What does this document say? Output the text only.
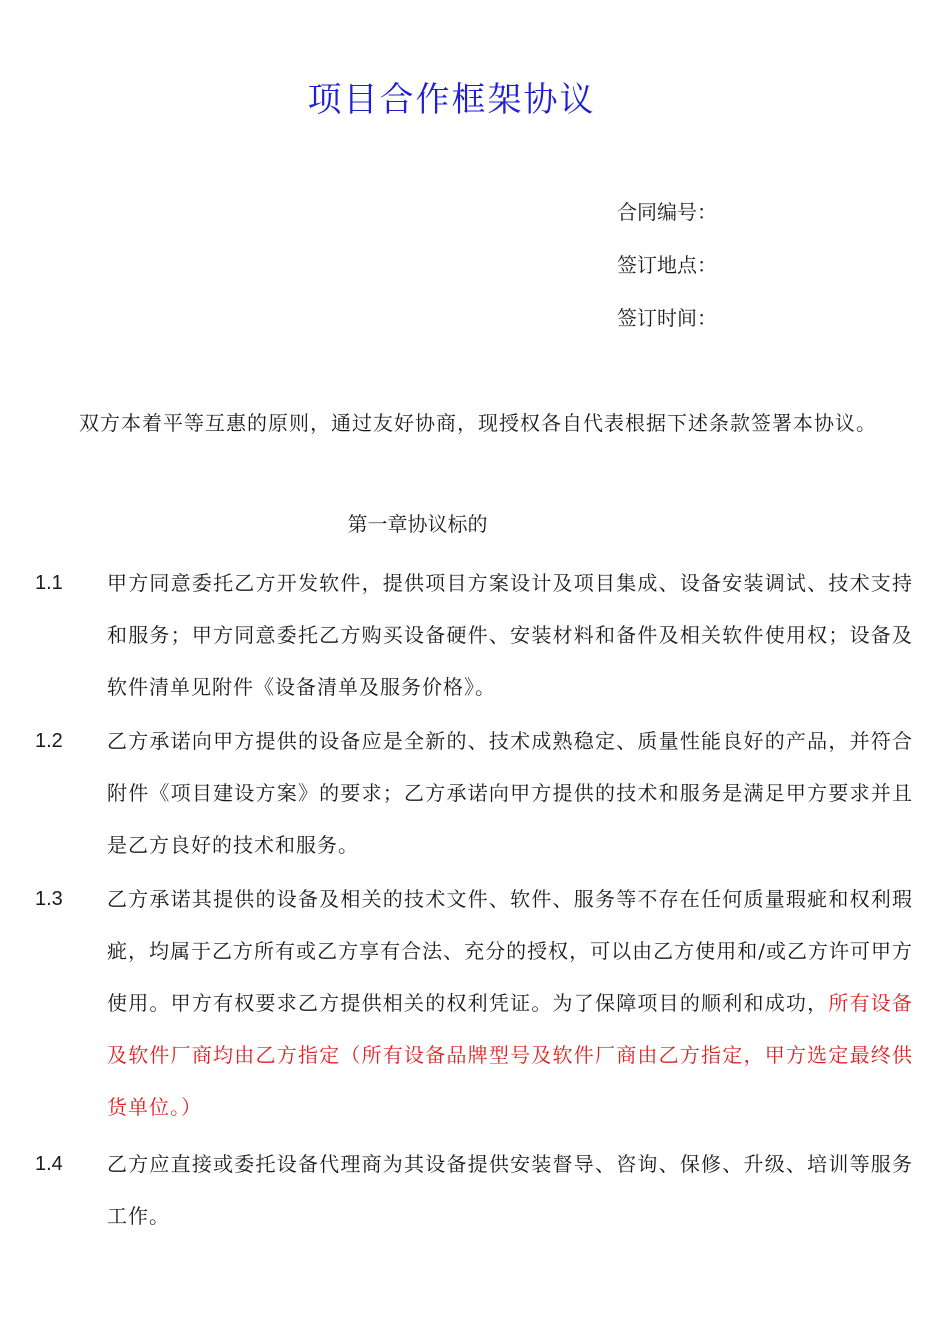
项目合作框架协议
合同编号：
签订地点：
签订时间：
双方本着平等互惠的原则，通过友好协商，现授权各自代表根据下述条款签署本协议。
第一章协议标的
1.1 甲方同意委托乙方开发软件，提供项目方案设计及项目集成、设备安装调试、技术支持和服务；甲方同意委托乙方购买设备硬件、安装材料和备件及相关软件使用权；设备及软件清单见附件《设备清单及服务价格》。
1.2 乙方承诺向甲方提供的设备应是全新的、技术成熟稳定、质量性能良好的产品，并符合附件《项目建设方案》的要求；乙方承诺向甲方提供的技术和服务是满足甲方要求并且是乙方良好的技术和服务。
1.3 乙方承诺其提供的设备及相关的技术文件、软件、服务等不存在任何质量瑕疵和权利瑕疵，均属于乙方所有或乙方享有合法、充分的授权，可以由乙方使用和/或乙方许可甲方使用。甲方有权要求乙方提供相关的权利凭证。为了保障项目的顺利和成功，所有设备及软件厂商均由乙方指定（所有设备品牌型号及软件厂商由乙方指定，甲方选定最终供货单位。）
1.4 乙方应直接或委托设备代理商为其设备提供安装督导、咨询、保修、升级、培训等服务工作。
